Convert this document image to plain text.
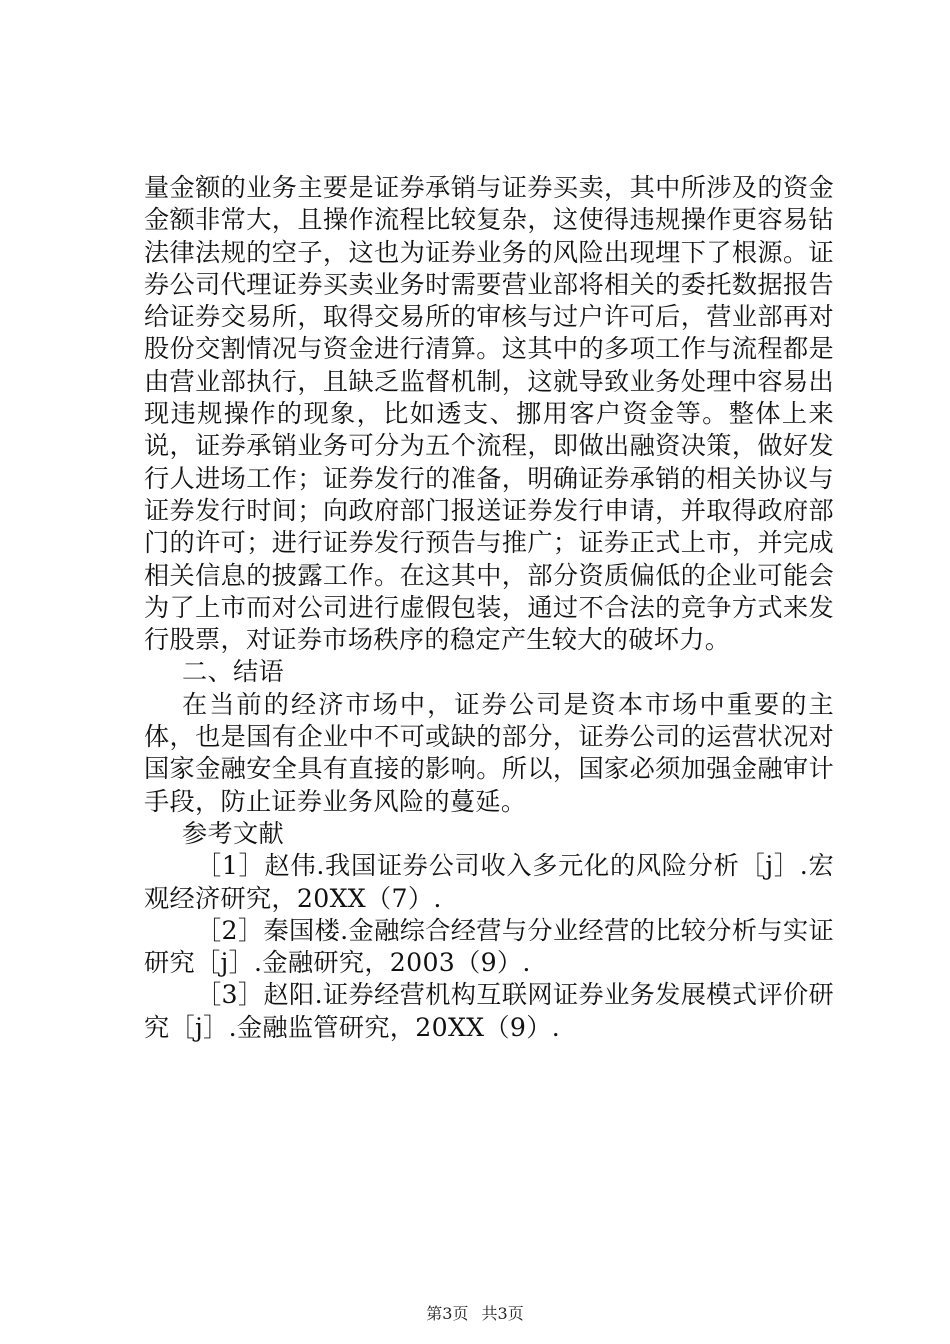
量金额的业务主要是证券承销与证券买卖，其中所涉及的资金金额非常大，且操作流程比较复杂，这使得违规操作更容易钻法律法规的空子，这也为证券业务的风险出现埋下了根源。证券公司代理证券买卖业务时需要营业部将相关的委托数据报告给证券交易所，取得交易所的审核与过户许可后，营业部再对股份交割情况与资金进行清算。这其中的多项工作与流程都是由营业部执行，且缺乏监督机制，这就导致业务处理中容易出现违规操作的现象，比如透支、挪用客户资金等。整体上来说，证券承销业务可分为五个流程，即做出融资决策，做好发行人进场工作；证券发行的准备，明确证券承销的相关协议与证券发行时间；向政府部门报送证券发行申请，并取得政府部门的许可；进行证券发行预告与推广；证券正式上市，并完成相关信息的披露工作。在这其中，部分资质偏低的企业可能会为了上市而对公司进行虚假包装，通过不合法的竞争方式来发行股票，对证券市场秩序的稳定产生较大的破坏力。

二、结语

在当前的经济市场中，证券公司是资本市场中重要的主体，也是国有企业中不可或缺的部分，证券公司的运营状况对国家金融安全具有直接的影响。所以，国家必须加强金融审计手段，防止证券业务风险的蔓延。

参考文献

［1］赵伟.我国证券公司收入多元化的风险分析［j］.宏观经济研究，20XX（7）.

［2］秦国楼.金融综合经营与分业经营的比较分析与实证研究［j］.金融研究，2003（9）.

［3］赵阳.证券经营机构互联网证券业务发展模式评价研究［j］.金融监管研究，20XX（9）.

第3页 共3页
